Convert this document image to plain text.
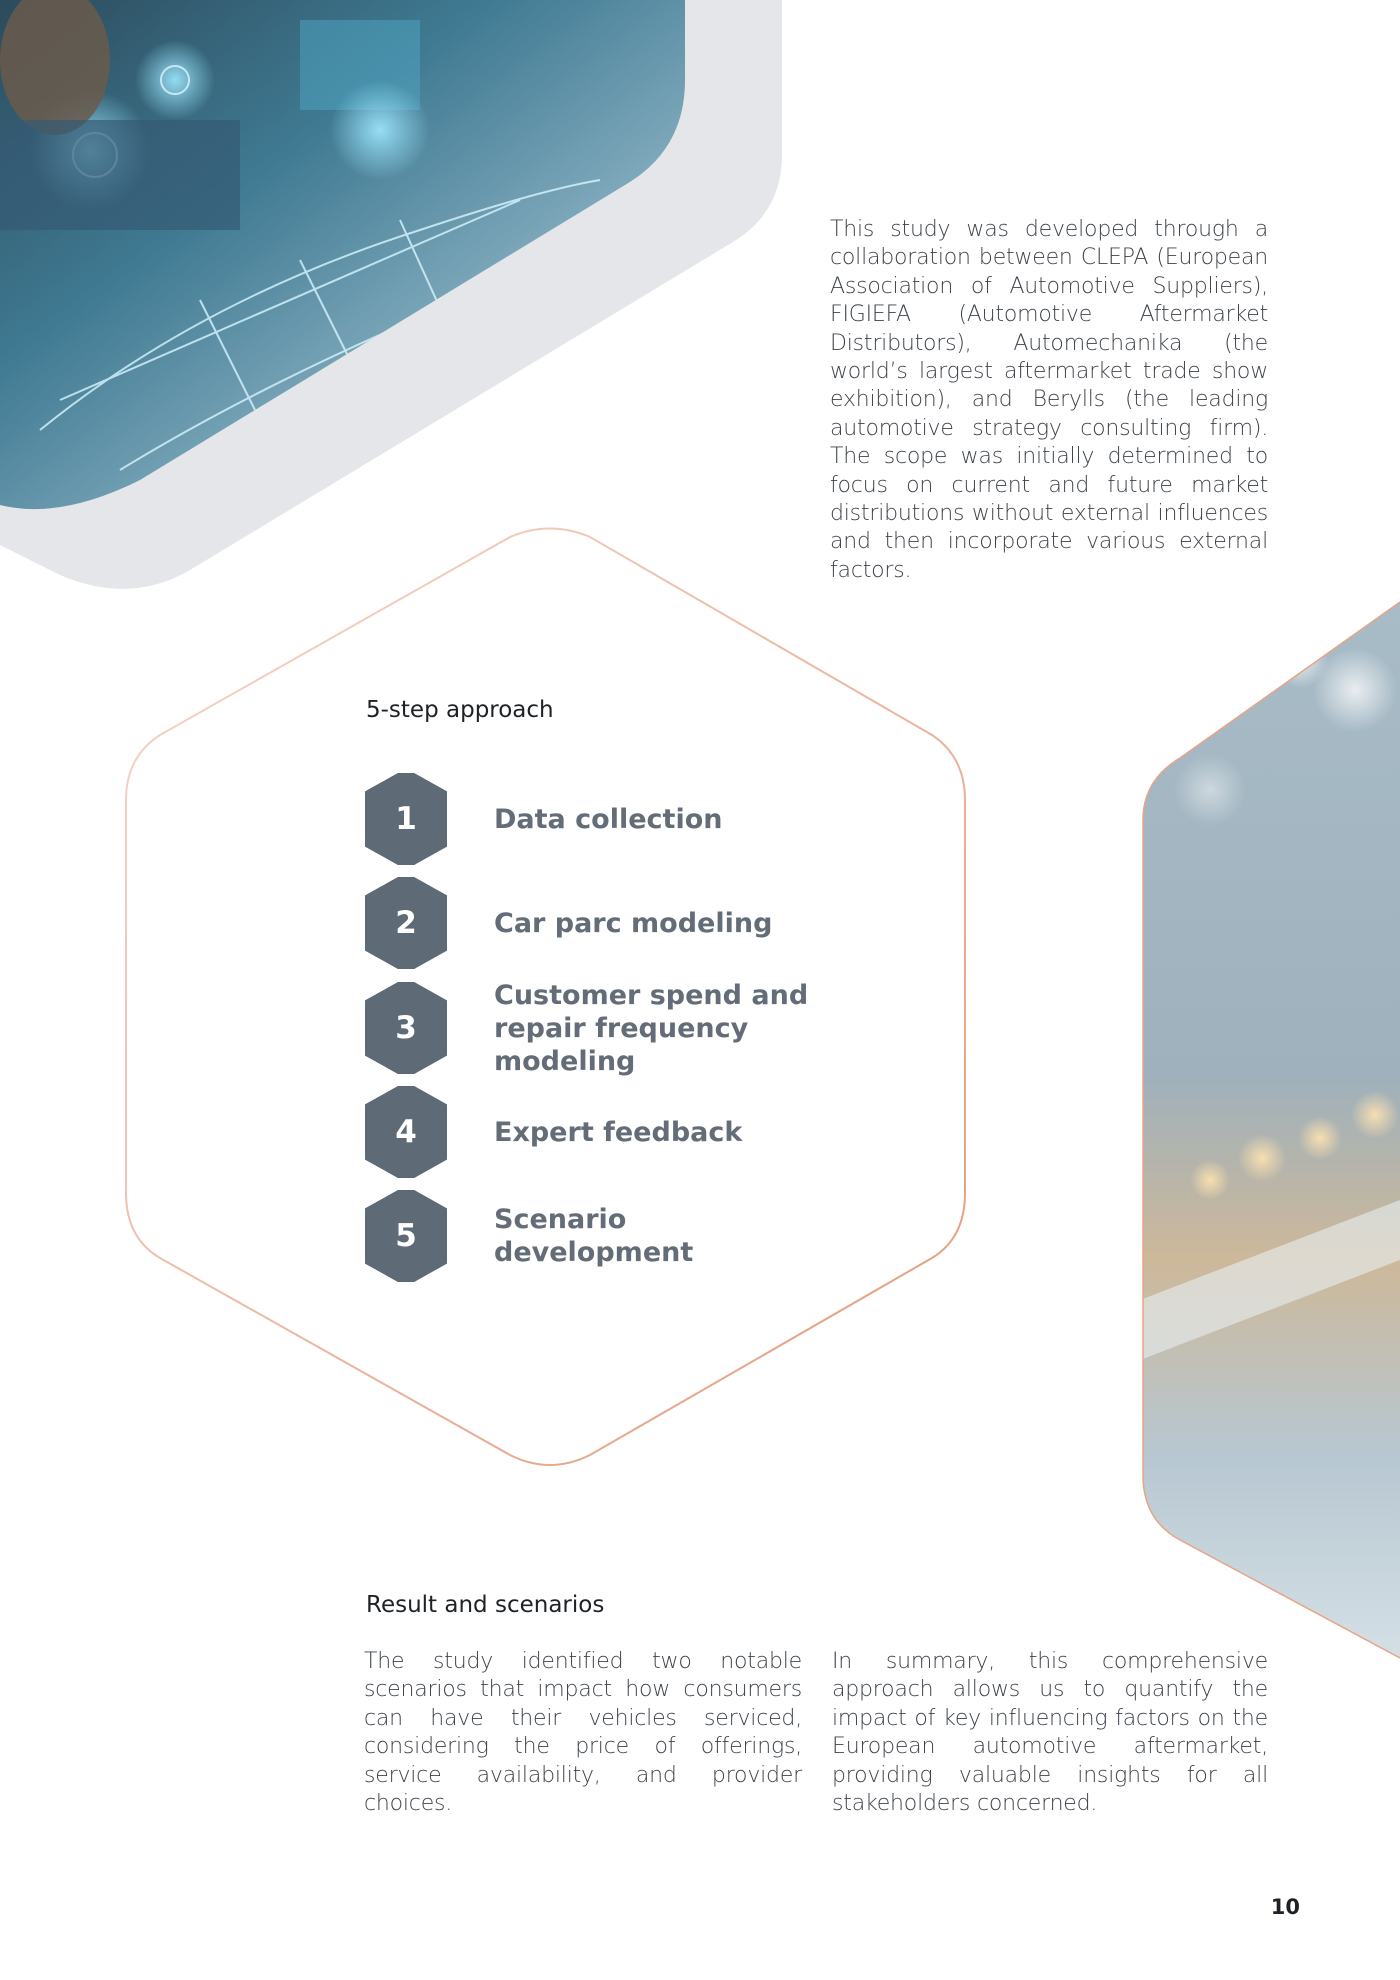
This study was developed through a collaboration between CLEPA (European Association of Automotive Suppliers), FIGIEFA (Automotive Aftermarket Distributors), Automechanika (the world’s largest aftermarket trade show exhibition), and Berylls (the leading automotive strategy consulting firm). The scope was initially determined to focus on current and future market distributions without external influences and then incorporate various external factors.

5-step approach
1	Data collection
2	Car parc modeling
3
Customer spend and repair frequency modeling
4	Expert feedback
5	Scenario development
Result and scenarios

The study identified two notable scenarios that impact how consumers can have their vehicles serviced, considering the price of offerings, service availability, and provider choices.

In summary, this comprehensive approach allows us to quantify the impact of key influencing factors on the European automotive aftermarket, providing valuable insights for all stakeholders concerned.

10
